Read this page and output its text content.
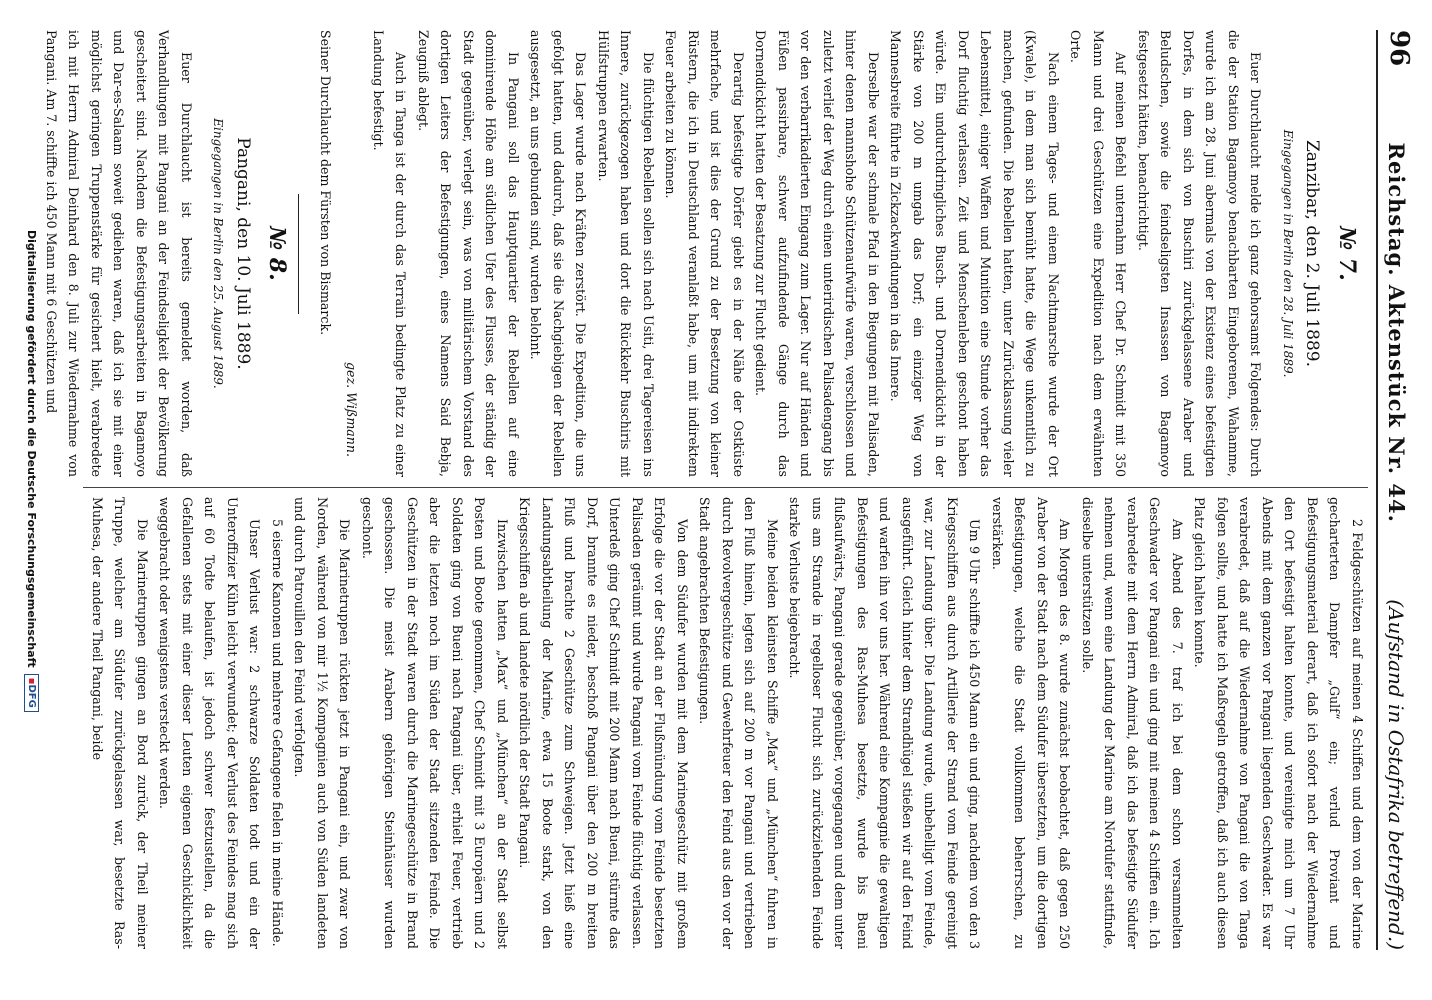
96
Reichstag. Aktenstück Nr. 44.
(Aufstand in Ostafrika betreffend.)
№ 7.
Zanzibar, den 2. Juli 1889.
Eingegangen in Berlin den 28. Juli 1889.

Euer Durchlaucht melde ich ganz gehorsamst Folgendes: Durch die der Station Bagamoyo benachbarten Eingeborenen, Wahamme, wurde ich am 28. Juni abermals von der Existenz eines befestigten Dorfes, in dem sich von Buschiri zurückgelassene Araber und Beludschen, sowie die feindseligsten Insassen von Bagamoyo festgesetzt hätten, benachrichtigt.

Auf meinen Befehl unternahm Herr Chef Dr. Schmidt mit 350 Mann und drei Geschützen eine Expedition nach dem erwähnten Orte.

Nach einem Tages- und einem Nachtmarsche wurde der Ort (Kwale), in dem man sich bemüht hatte, die Wege unkenntlich zu machen, gefunden. Die Rebellen hatten, unter Zurücklassung vieler Lebensmittel, einiger Waffen und Munition eine Stunde vorher das Dorf fluchtig verlassen. Zeit und Menschenleben geschont haben würde. Ein undurchdringliches Busch- und Dornendickicht in der Stärke von 200 m umgab das Dorf; ein einziger Weg von Mannesbreite führte in Zickzackwindungen in das Innere.

Derselbe war der schmale Pfad in den Biegungen mit Palisaden, hinter denen mannshohe Schützenaufwürfe waren, verschlossen und zuletzt verlief der Weg durch einen unterirdischen Palisadengang bis vor den verbarrikadierten Eingang zum Lager. Nur auf Händen und Füßen passirbare, schwer aufzufindende Gänge durch das Dornendickicht hatten der Besatzung zur Flucht gedient.

Derartig befestigte Dörfer giebt es in der Nähe der Ostküste mehrfache, und ist dies der Grund zu der Besetzung von kleiner Rüstern, die ich in Deutschland veranlaßt habe, um mit indirektem Feuer arbeiten zu können.

Die flüchtigen Rebellen sollen sich nach Usiti, drei Tagereisen ins Innere, zurückgezogen haben und dort die Rückkehr Buschiris mit Hülfstruppen erwarten.

Das Lager wurde nach Kräften zerstört. Die Expedition, die uns gefolgt hatten, und dadurch, daß sie die Nachgiebigen der Rebellen ausgesetzt, an uns gebunden sind, wurden belohnt.

In Pangani soll das Hauptquartier der Rebellen auf eine dominirende Höhe am südlichen Ufer des Flusses, der ständig der Stadt gegenüber, verlegt sein, was von militärischem Vorstand des dortigen Leiters der Befestigungen, eines Namens Said Bebja, Zeugniß ablegt.

Auch in Tanga ist der durch das Terrain bedingte Platz zu einer Landung befestigt.

gez. Wißmann.

Seiner Durchlaucht dem Fürsten von Bismarck.

№ 8.
Pangani, den 10. Juli 1889.
Eingegangen in Berlin den 25. August 1889.

Euer Durchlaucht ist bereits gemeldet worden, daß Verhandlungen mit Pangani an der Feindseligkeit der Bevölkerung gescheitert sind. Nachdem die Befestigungsarbeiten in Bagamoyo und Dar-es-Salaam soweit gediehen waren, daß ich sie mit einer möglichst geringen Truppenstärke für gesichert hielt, verabredete ich mit Herrn Admiral Deinhard den 8. Juli zur Wiedernahme von Pangani. Am 7. schiffte ich 450 Mann mit 6 Geschützen und

2 Feldgeschützen auf meinen 4 Schiffen und dem von der Marine gecharterten Dampfer „Gulf“ ein; verlud Proviant und Befestigungsmaterial derart, daß ich sofort nach der Wiedernahme den Ort befestigt halten konnte, und vereinigte mich um 7 Uhr Abends mit dem ganzen vor Pangani liegenden Geschwader. Es war verabredet, daß auf die Wiedernahme von Pangani die von Tanga folgen sollte, und hatte ich Maßregeln getroffen, daß ich auch diesen Platz gleich halten konnte.

Am Abend des 7. traf ich bei dem schon versammelten Geschwader vor Pangani ein und ging mit meinen 4 Schiffen ein. Ich verabredete mit dem Herrn Admiral, daß ich das befestigte Südufer nehmen und, wenn eine Landung der Marine am Nordufer stattfinde, dieselbe unterstützen solle.

Am Morgen des 8. wurde zunächst beobachtet, daß gegen 250 Araber von der Stadt nach dem Südufer übersetzten, um die dortigen Befestigungen, welche die Stadt vollkommen beherrschen, zu verstärken.

Um 9 Uhr schiffte ich 450 Mann ein und ging, nachdem von den 3 Kriegsschiffen aus durch Artillerie der Strand vom Feinde gereinigt war, zur Landung über. Die Landung wurde, unbehelligt vom Feinde, ausgeführt. Gleich hinter dem Strandhügel stießen wir auf den Feind und warfen ihn vor uns her. Während eine Kompagnie die gewaltigen Befestigungen des Ras-Muhesa besetzte, wurde bis Bueni flußaufwärts, Pangani gerade gegenüber, vorgegangen und dem unter uns am Strande in regelloser Flucht sich zurückziehenden Feinde starke Verluste beigebracht.

Meine beiden kleinsten Schiffe „Max“ und „München“ fuhren in den Fluß hinein, legten sich auf 200 m vor Pangani und vertrieben durch Revolvergeschütze und Gewehrfeuer den Feind aus den vor der Stadt angebrachten Befestigungen.

Von dem Südufer wurden mit dem Marinegeschütz mit großem Erfolge die vor der Stadt an der Flußmündung vom Feinde besetzten Palisaden geräumt und wurde Pangani vom Feinde flüchtig verlassen. Unterdeß ging Chef Schmidt mit 200 Mann nach Bueni, stürmte das Dorf, brannte es nieder, beschoß Pangani über den 200 m breiten Fluß und brachte 2 Geschütze zum Schweigen. Jetzt hieß eine Landungsabtheilung der Marine, etwa 15 Boote stark, von den Kriegsschiffen ab und landete nördlich der Stadt Pangani.

Inzwischen hatten „Max“ und „München“ an der Stadt selbst Posten und Boote genommen, Chef Schmidt mit 3 Europäern und 2 Soldaten ging von Bueni nach Pangani über, erhielt Feuer, vertrieb aber die letzten noch im Süden der Stadt sitzenden Feinde. Die Geschützen in der Stadt waren durch die Marinegeschütze in Brand geschossen. Die meist Arabern gehörigen Steinhäuser wurden geschont.

Die Marinetruppen rückten jetzt in Pangani ein, und zwar von Norden, während von mir 1½ Kompagnien auch von Süden landeten und durch Patrouillen den Feind verfolgten.

5 eiserne Kanonen und mehrere Gefangene fielen in meine Hände.

Unser Verlust war: 2 schwarze Soldaten todt und ein der Unteroffizier Kühn leicht verwundet; der Verlust des Feindes mag sich auf 60 Todte belaufen, ist jedoch schwer festzustellen, da die Gefallenen stets mit einer dieser Leuten eigenen Geschicklichkeit weggebracht oder wenigstens versteckt werden.

Die Marinetruppen gingen an Bord zurück, der Theil meiner Truppe, welcher am Südufer zurückgelassen war, besetzte Ras-Muhesa, der andere Theil Pangani, beide

Digitalisierung gefördert durch die Deutsche Forschungsgemeinschaft
▪DFG
